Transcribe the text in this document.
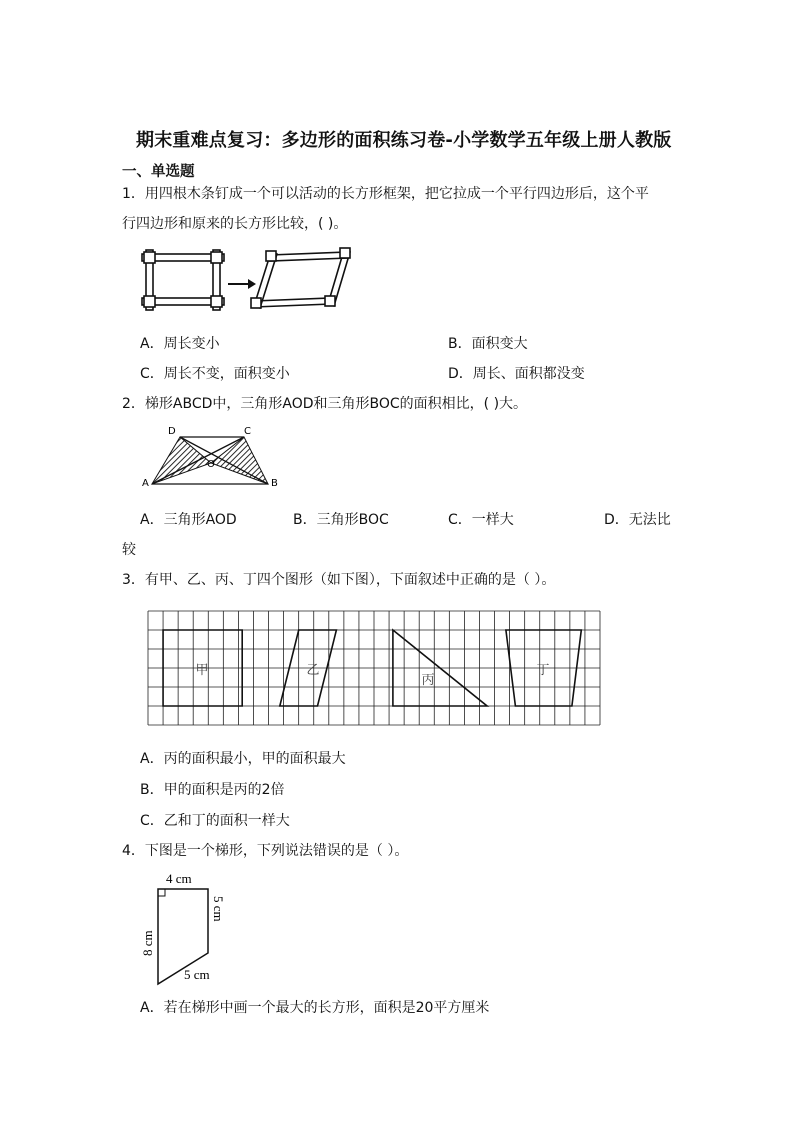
期末重难点复习：多边形的面积练习卷-小学数学五年级上册人教版
一、单选题
1．用四根木条钉成一个可以活动的长方形框架，把它拉成一个平行四边形后，这个平
行四边形和原来的长方形比较，( )。
A．周长变小	B．面积变大
C．周长不变，面积变小	D．周长、面积都没变
2．梯形ABCD中，三角形AOD和三角形BOC的面积相比，( )大。
D	C
O
A	B
A．三角形AOD	B．三角形BOC	C．一样大	D．无法比
较
3．有甲、乙、丙、丁四个图形（如下图），下面叙述中正确的是（ ）。
甲	乙
丙
丁
A．丙的面积最小，甲的面积最大
B．甲的面积是丙的2倍
C．乙和丁的面积一样大
4．下图是一个梯形，下列说法错误的是（ ）。
4 cm
5 cm
8 cm
5 cm
A．若在梯形中画一个最大的长方形，面积是20平方厘米
